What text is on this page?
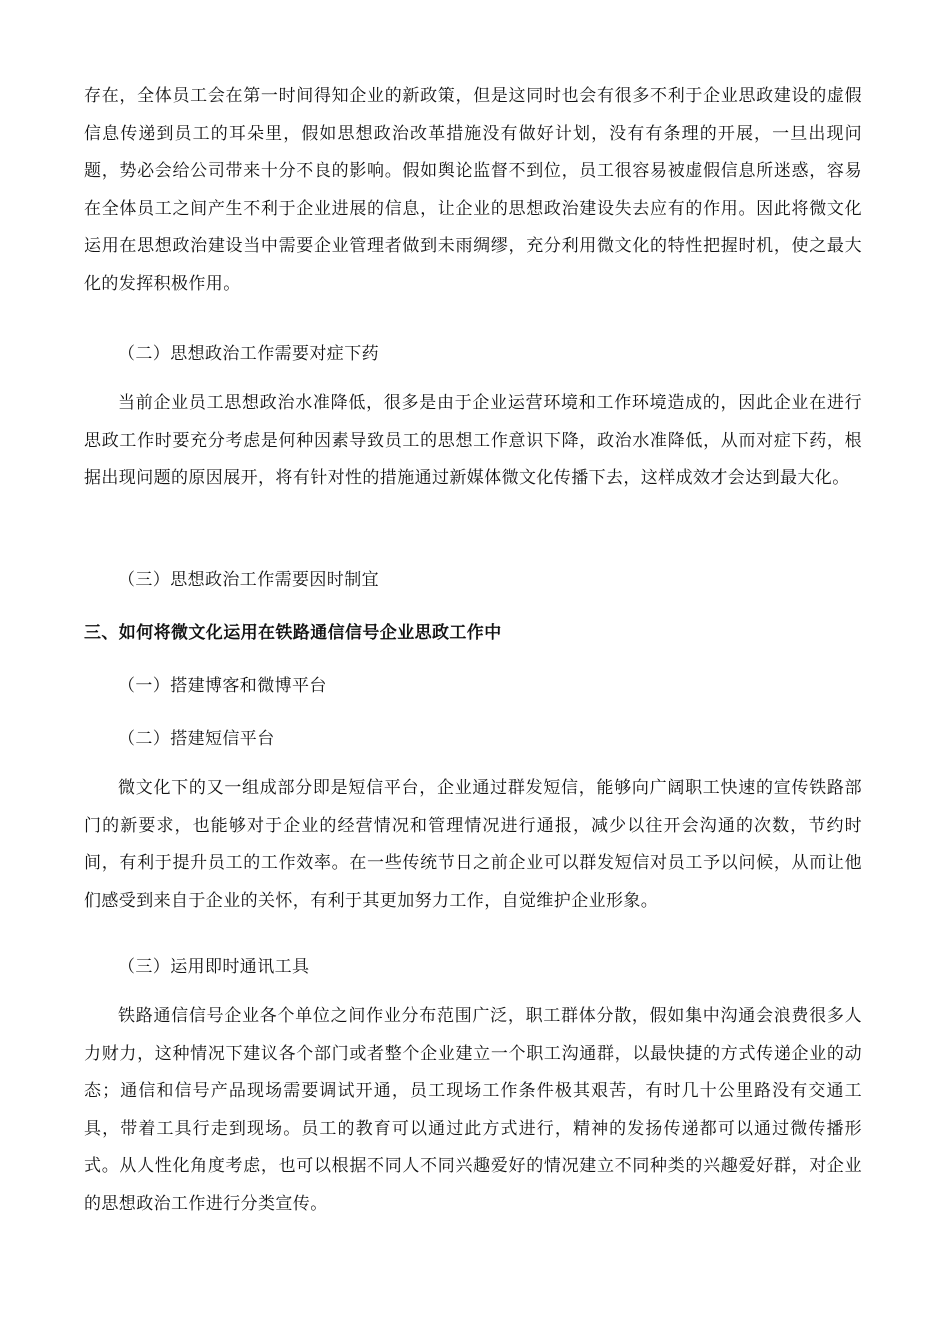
存在，全体员工会在第一时间得知企业的新政策，但是这同时也会有很多不利于企业思政建设的虚假信息传递到员工的耳朵里，假如思想政治改革措施没有做好计划，没有有条理的开展，一旦出现问题，势必会给公司带来十分不良的影响。假如舆论监督不到位，员工很容易被虚假信息所迷惑，容易在全体员工之间产生不利于企业进展的信息，让企业的思想政治建设失去应有的作用。因此将微文化运用在思想政治建设当中需要企业管理者做到未雨绸缪，充分利用微文化的特性把握时机，使之最大化的发挥积极作用。

（二）思想政治工作需要对症下药

当前企业员工思想政治水准降低，很多是由于企业运营环境和工作环境造成的，因此企业在进行思政工作时要充分考虑是何种因素导致员工的思想工作意识下降，政治水准降低，从而对症下药，根据出现问题的原因展开，将有针对性的措施通过新媒体微文化传播下去，这样成效才会达到最大化。

（三）思想政治工作需要因时制宜

三、如何将微文化运用在铁路通信信号企业思政工作中

（一）搭建博客和微博平台

（二）搭建短信平台

微文化下的又一组成部分即是短信平台，企业通过群发短信，能够向广阔职工快速的宣传铁路部门的新要求，也能够对于企业的经营情况和管理情况进行通报，减少以往开会沟通的次数，节约时间，有利于提升员工的工作效率。在一些传统节日之前企业可以群发短信对员工予以问候，从而让他们感受到来自于企业的关怀，有利于其更加努力工作，自觉维护企业形象。

（三）运用即时通讯工具

铁路通信信号企业各个单位之间作业分布范围广泛，职工群体分散，假如集中沟通会浪费很多人力财力，这种情况下建议各个部门或者整个企业建立一个职工沟通群，以最快捷的方式传递企业的动态；通信和信号产品现场需要调试开通，员工现场工作条件极其艰苦，有时几十公里路没有交通工具，带着工具行走到现场。员工的教育可以通过此方式进行，精神的发扬传递都可以通过微传播形式。从人性化角度考虑，也可以根据不同人不同兴趣爱好的情况建立不同种类的兴趣爱好群，对企业的思想政治工作进行分类宣传。
